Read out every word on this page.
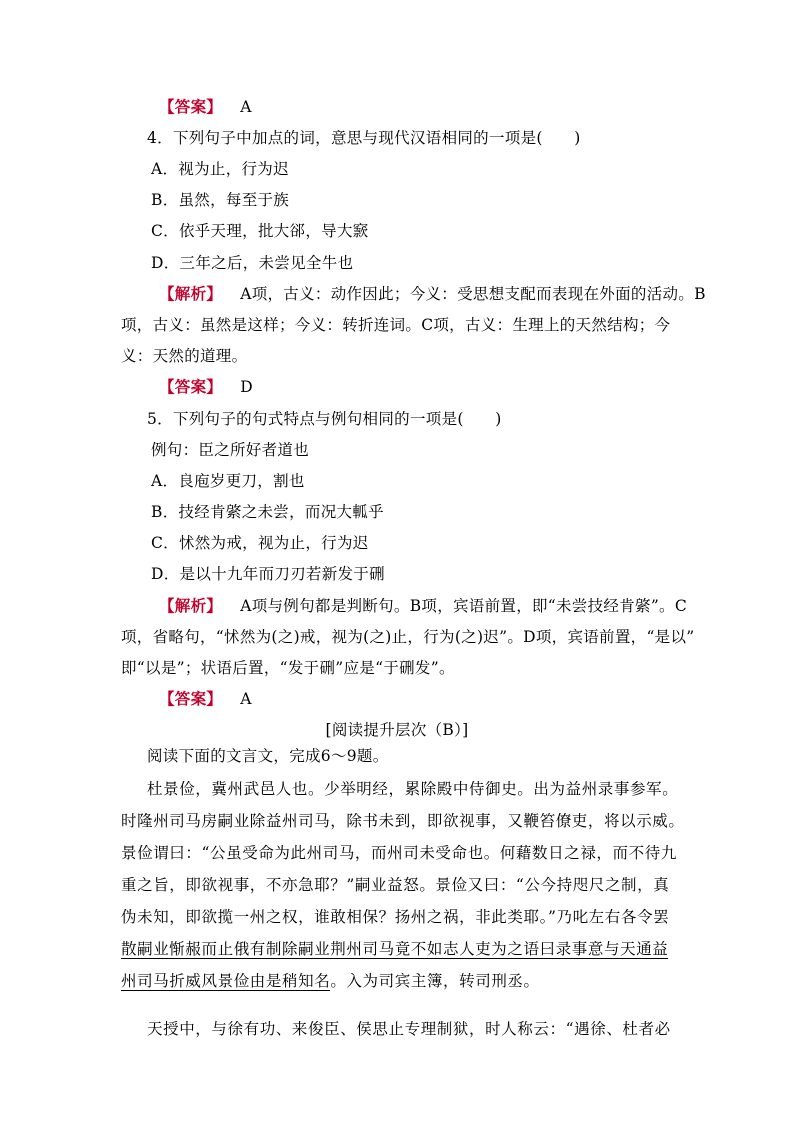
【答案】 A
4．下列句子中加点的词，意思与现代汉语相同的一项是(　　)
A．视为止，行为迟
B．虽然，每至于族
C．依乎天理，批大郤，导大窾
D．三年之后，未尝见全牛也
【解析】 A项，古义：动作因此；今义：受思想支配而表现在外面的活动。B
项，古义：虽然是这样；今义：转折连词。C项，古义：生理上的天然结构；今
义：天然的道理。
【答案】 D
5．下列句子的句式特点与例句相同的一项是(　　)
例句：臣之所好者道也
A．良庖岁更刀，割也
B．技经肯綮之未尝，而况大軱乎
C．怵然为戒，视为止，行为迟
D．是以十九年而刀刃若新发于硎
【解析】 A项与例句都是判断句。B项，宾语前置，即“未尝技经肯綮”。C
项，省略句，“怵然为(之)戒，视为(之)止，行为(之)迟”。D项，宾语前置，“是以”
即“以是”；状语后置，“发于硎”应是“于硎发”。
【答案】 A
[阅读提升层次（B）]
阅读下面的文言文，完成6～9题。
杜景俭，冀州武邑人也。少举明经，累除殿中侍御史。出为益州录事参军。
时隆州司马房嗣业除益州司马，除书未到，即欲视事，又鞭笞僚吏，将以示威。
景俭谓曰：“公虽受命为此州司马，而州司未受命也。何藉数日之禄，而不待九
重之旨，即欲视事，不亦急耶？”嗣业益怒。景俭又曰：“公今持咫尺之制，真
伪未知，即欲揽一州之权，谁敢相保？扬州之祸，非此类耶。”乃叱左右各令罢
散嗣业惭赧而止俄有制除嗣业荆州司马竟不如志人吏为之语曰录事意与天通益
州司马折威风景俭由是稍知名。入为司宾主簿，转司刑丞。
天授中，与徐有功、来俊臣、侯思止专理制狱，时人称云：“遇徐、杜者必
